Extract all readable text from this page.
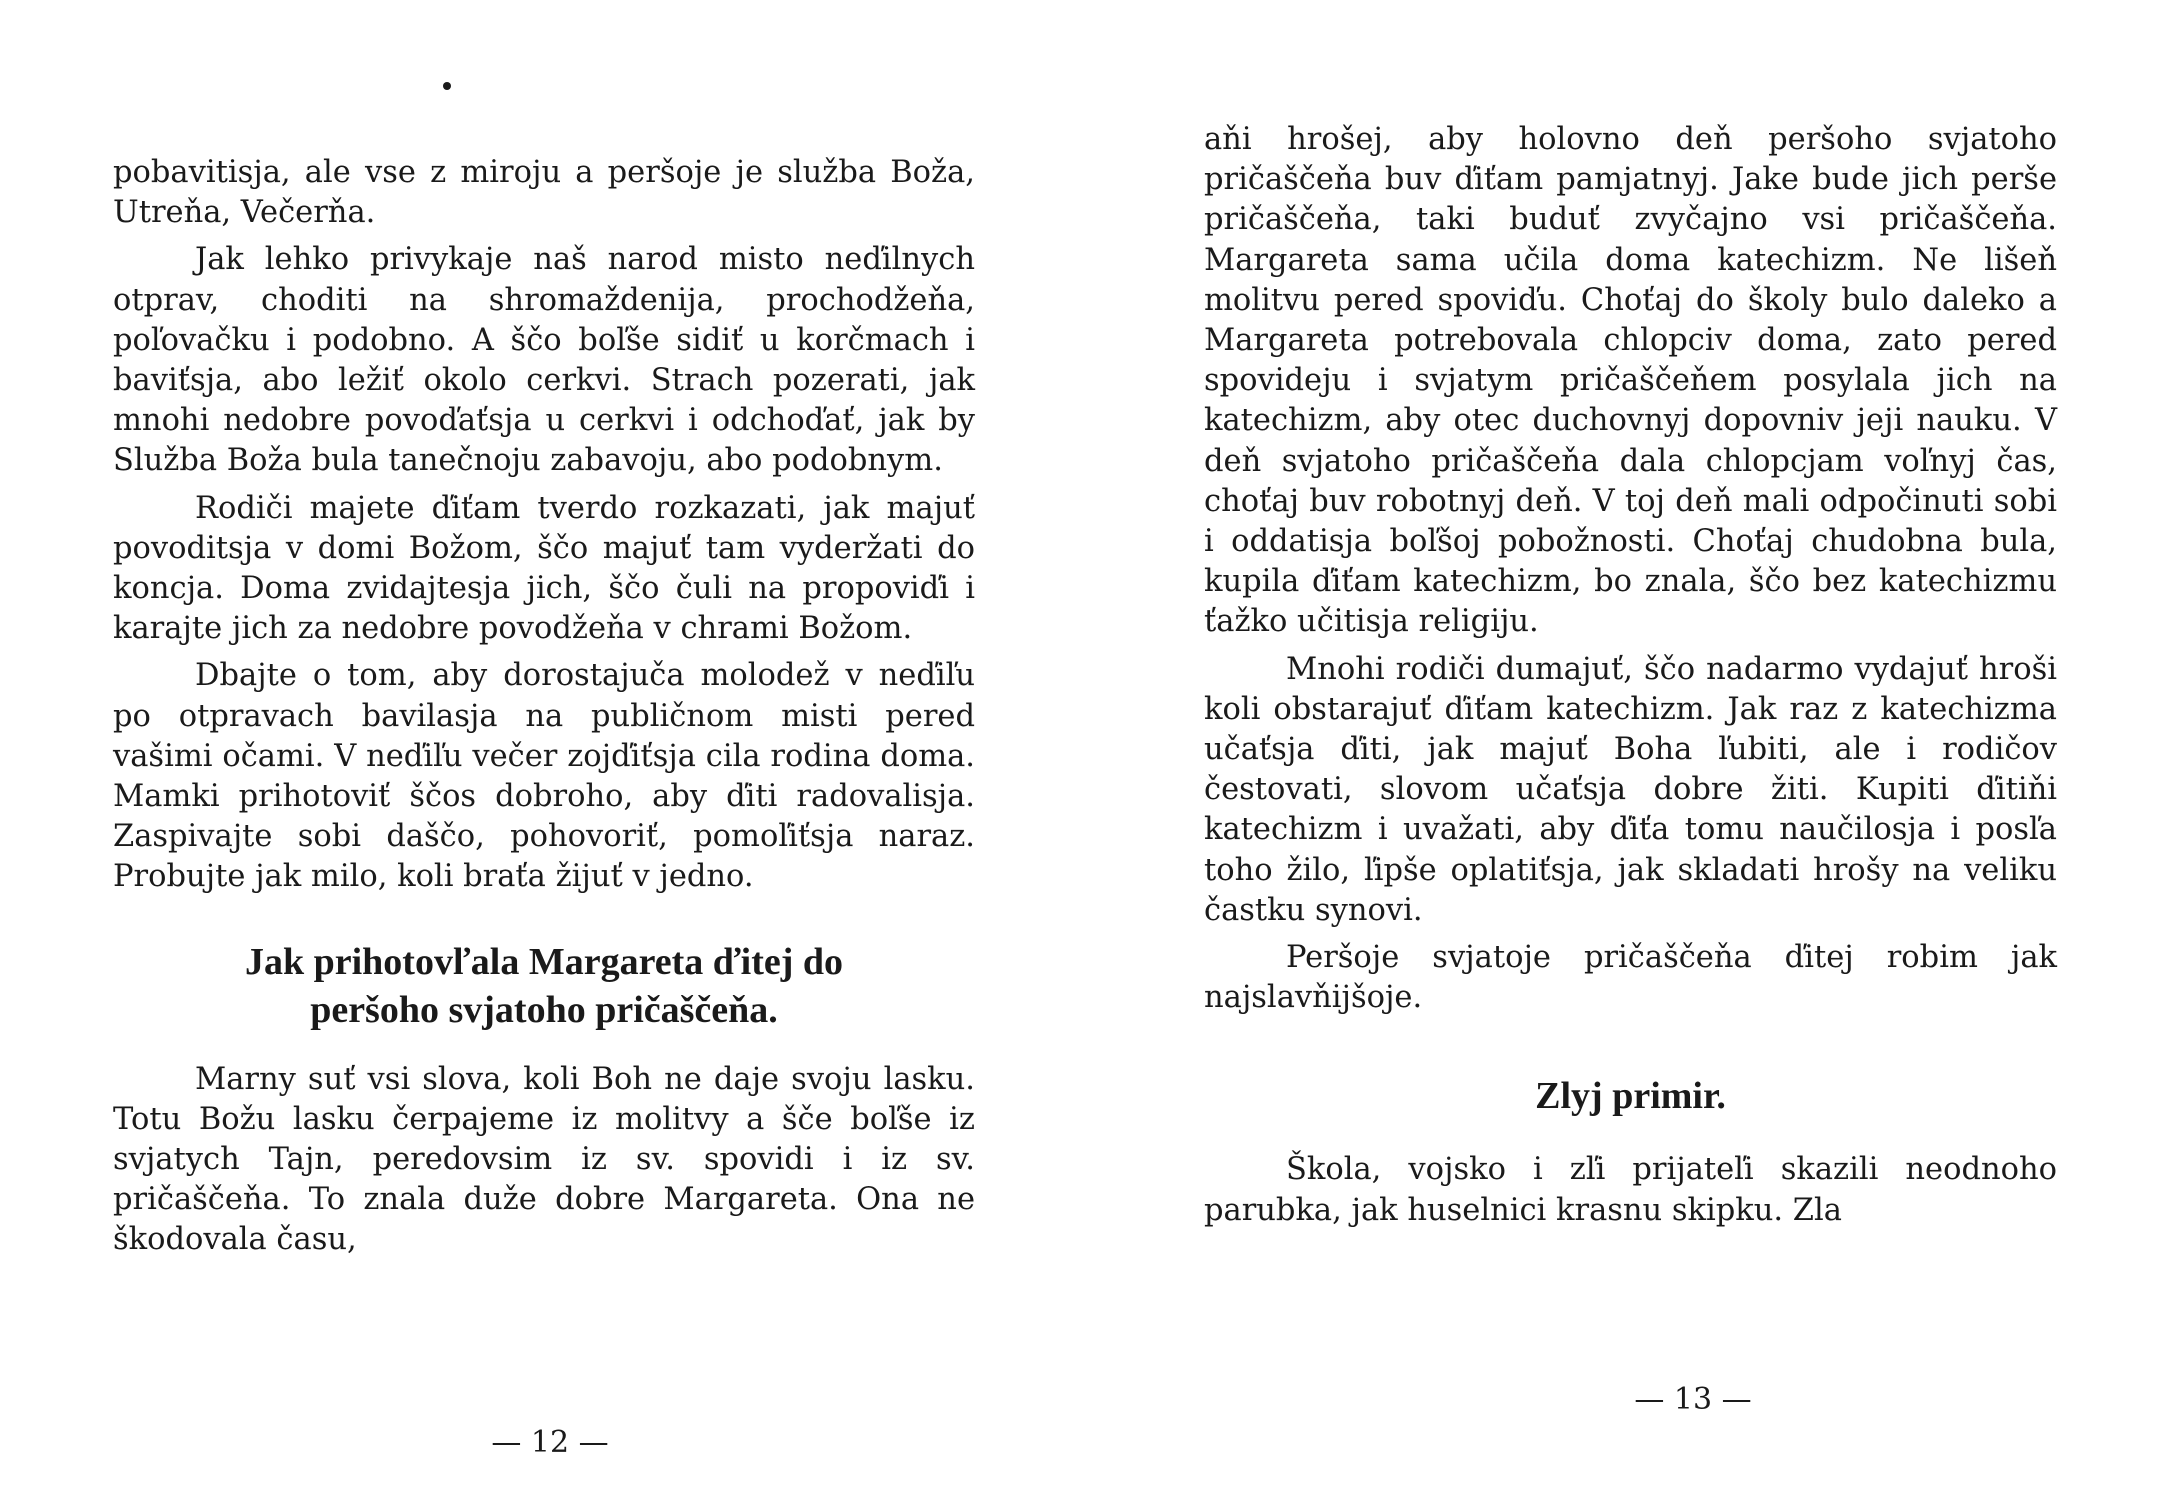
pobavitisja, ale vse z miroju a peršoje je služba Boža, Utreňa, Večerňa.

Jak lehko privykaje naš narod misto neďilnych otprav, choditi na shromaždenija, prochodžeňa, poľovačku i podobno. A ščo boľše sidiť u korčmach i baviťsja, abo ležiť okolo cerkvi. Strach pozerati, jak mnohi nedobre povoďaťsja u cerkvi i odchoďať, jak by Služba Boža bula tanečnoju zabavoju, abo podobnym.

Rodiči majete ďiťam tverdo rozkazati, jak majuť povoditsja v domi Božom, ščo majuť tam vyderžati do koncja. Doma zvidajtesja jich, ščo čuli na propoviďi i karajte jich za nedobre povodžeňa v chrami Božom.

Dbajte o tom, aby dorostajuča molodež v neďiľu po otpravach bavilasja na publičnom misti pered vašimi očami. V neďiľu večer zojďiťsja cila rodina doma. Mamki prihotoviť ščos dobroho, aby ďiti radovalisja. Zaspivajte sobi daščo, pohovoriť, pomoľiťsja naraz. Probujte jak milo, koli braťa žijuť v jedno.

Jak prihotovľala Margareta ďitej do
peršoho svjatoho pričaščeňa.

Marny suť vsi slova, koli Boh ne daje svoju lasku. Totu Božu lasku čerpajeme iz molitvy a šče boľše iz svjatych Tajn, peredovsim iz sv. spovidi i iz sv. pričaščeňa. To znala duže dobre Margareta. Ona ne škodovala času,

— 12 —

aňi hrošej, aby holovno deň peršoho svjatoho pričaščeňa buv ďiťam pamjatnyj. Jake bude jich perše pričaščeňa, taki buduť zvyčajno vsi pričaščeňa. Margareta sama učila doma katechizm. Ne lišeň molitvu pered spoviďu. Choťaj do školy bulo daleko a Margareta potrebovala chlopciv doma, zato pered spovideju i svjatym pričaščeňem posylala jich na katechizm, aby otec duchovnyj dopovniv jeji nauku. V deň svjatoho pričaščeňa dala chlopcjam voľnyj čas, choťaj buv robotnyj deň. V toj deň mali odpočinuti sobi i oddatisja boľšoj pobožnosti. Choťaj chudobna bula, kupila ďiťam katechizm, bo znala, ščo bez katechizmu ťažko učitisja religiju.

Mnohi rodiči dumajuť, ščo nadarmo vydajuť hroši koli obstarajuť ďiťam katechizm. Jak raz z katechizma učaťsja ďiti, jak majuť Boha ľubiti, ale i rodičov čestovati, slovom učaťsja dobre žiti. Kupiti ďitiňi katechizm i uvažati, aby ďiťa tomu naučilosja i posľa toho žilo, ľipše oplatiťsja, jak skladati hrošy na veliku častku synovi.

Peršoje svjatoje pričaščeňa ďitej robim jak najslavňijšoje.

Zlyj primir.

Škola, vojsko i zľi prijateľi skazili neodnoho parubka, jak huselnici krasnu skipku. Zla

— 13 —
